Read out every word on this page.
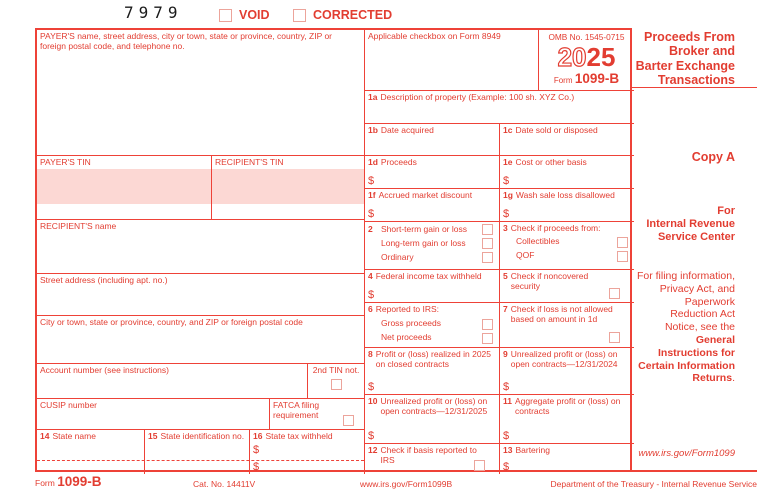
7979	VOID	CORRECTED
PAYER'S name, street address, city or town, state or province, country, ZIP or foreign postal code, and telephone no.
PAYER'S TIN	RECIPIENT'S TIN
RECIPIENT'S name
Street address (including apt. no.)
City or town, state or province, country, and ZIP or foreign postal code
Account number (see instructions)	2nd TIN not.
CUSIP number	FATCA filing requirement
14 State name	15 State identification no. 16 State tax withheld
$
$
Applicable checkbox on Form 8949	OMB No. 1545-0715
2025
Form 1099-B
1a Description of property (Example: 100 sh. XYZ Co.)
1b Date acquired	1c Date sold or disposed
1d Proceeds
$
1e Cost or other basis
$
1f Accrued market discount
$
1g Wash sale loss disallowed
$
2 Short-term gain or loss
Long-term gain or loss
Ordinary
3 Check if proceeds from:
Collectibles
QOF
4 Federal income tax withheld
$
5 Check if noncovered security
6 Reported to IRS:
Gross proceeds
Net proceeds
7 Check if loss is not allowed based on amount in 1d
8 Profit or (loss) realized in 2025 on closed contracts
$
9 Unrealized profit or (loss) on open contracts—12/31/2024
$
10 Unrealized profit or (loss) on open contracts—12/31/2025
$
11 Aggregate profit or (loss) on contracts
$
12 Check if basis reported to IRS
13 Bartering
$
Proceeds From
Broker and
Barter Exchange
Transactions
Copy A
For
Internal Revenue
Service Center
For filing information, Privacy Act, and Paperwork Reduction Act Notice, see the General Instructions for Certain Information Returns.
www.irs.gov/Form1099
Form 1099-B	Cat. No. 14411V	www.irs.gov/Form1099B	Department of the Treasury - Internal Revenue Service
